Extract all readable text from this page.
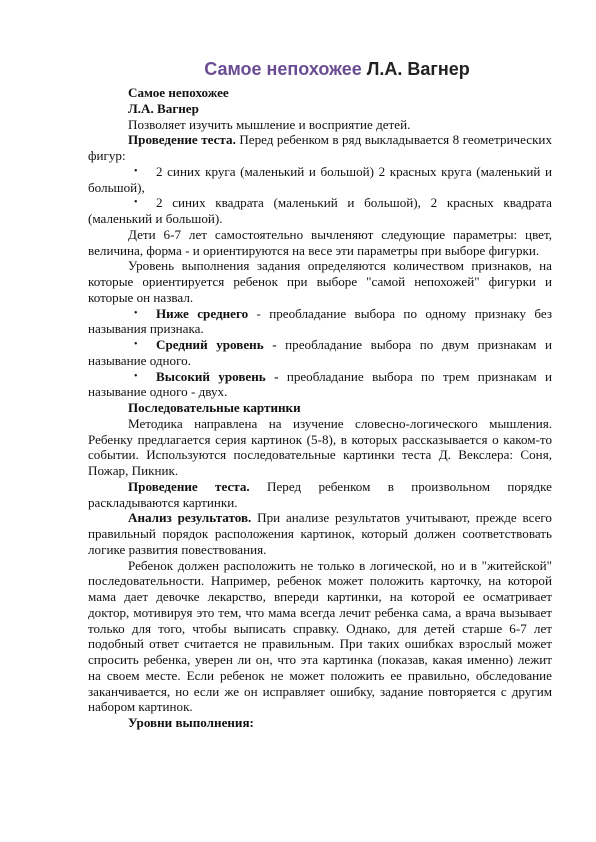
Самое непохожее Л.А. Вагнер

Самое непохожее

Л.А. Вагнер

Позволяет изучить мышление и восприятие детей.

Проведение теста. Перед ребенком в ряд выкладывается 8 геометрических фигур:

• 2 синих круга (маленький и большой) 2 красных круга (маленький и большой),
• 2 синих квадрата (маленький и большой), 2 красных квадрата (маленький и большой).

Дети 6-7 лет самостоятельно вычленяют следующие параметры: цвет, величина, форма - и ориентируются на весе эти параметры при выборе фигурки.

Уровень выполнения задания определяются количеством признаков, на которые ориентируется ребенок при выборе "самой непохожей" фигурки и которые он назвал.

• Ниже среднего - преобладание выбора по одному признаку без называния признака.
• Средний уровень - преобладание выбора по двум признакам и называние одного.
• Высокий уровень - преобладание выбора по трем признакам и называние одного - двух.

Последовательные картинки

Методика направлена на изучение словесно-логического мышления. Ребенку предлагается серия картинок (5-8), в которых рассказывается о каком-то событии. Используются последовательные картинки теста Д. Векслера: Соня, Пожар, Пикник.

Проведение теста. Перед ребенком в произвольном порядке раскладываются картинки.

Анализ результатов. При анализе результатов учитывают, прежде всего правильный порядок расположения картинок, который должен соответствовать логике развития повествования.

Ребенок должен расположить не только в логической, но и в "житейской" последовательности. Например, ребенок может положить карточку, на которой мама дает девочке лекарство, впереди картинки, на которой ее осматривает доктор, мотивируя это тем, что мама всегда лечит ребенка сама, а врача вызывает только для того, чтобы выписать справку. Однако, для детей старше 6-7 лет подобный ответ считается не правильным. При таких ошибках взрослый может спросить ребенка, уверен ли он, что эта картинка (показав, какая именно) лежит на своем месте. Если ребенок не может положить ее правильно, обследование заканчивается, но если же он исправляет ошибку, задание повторяется с другим набором картинок.

Уровни выполнения:
